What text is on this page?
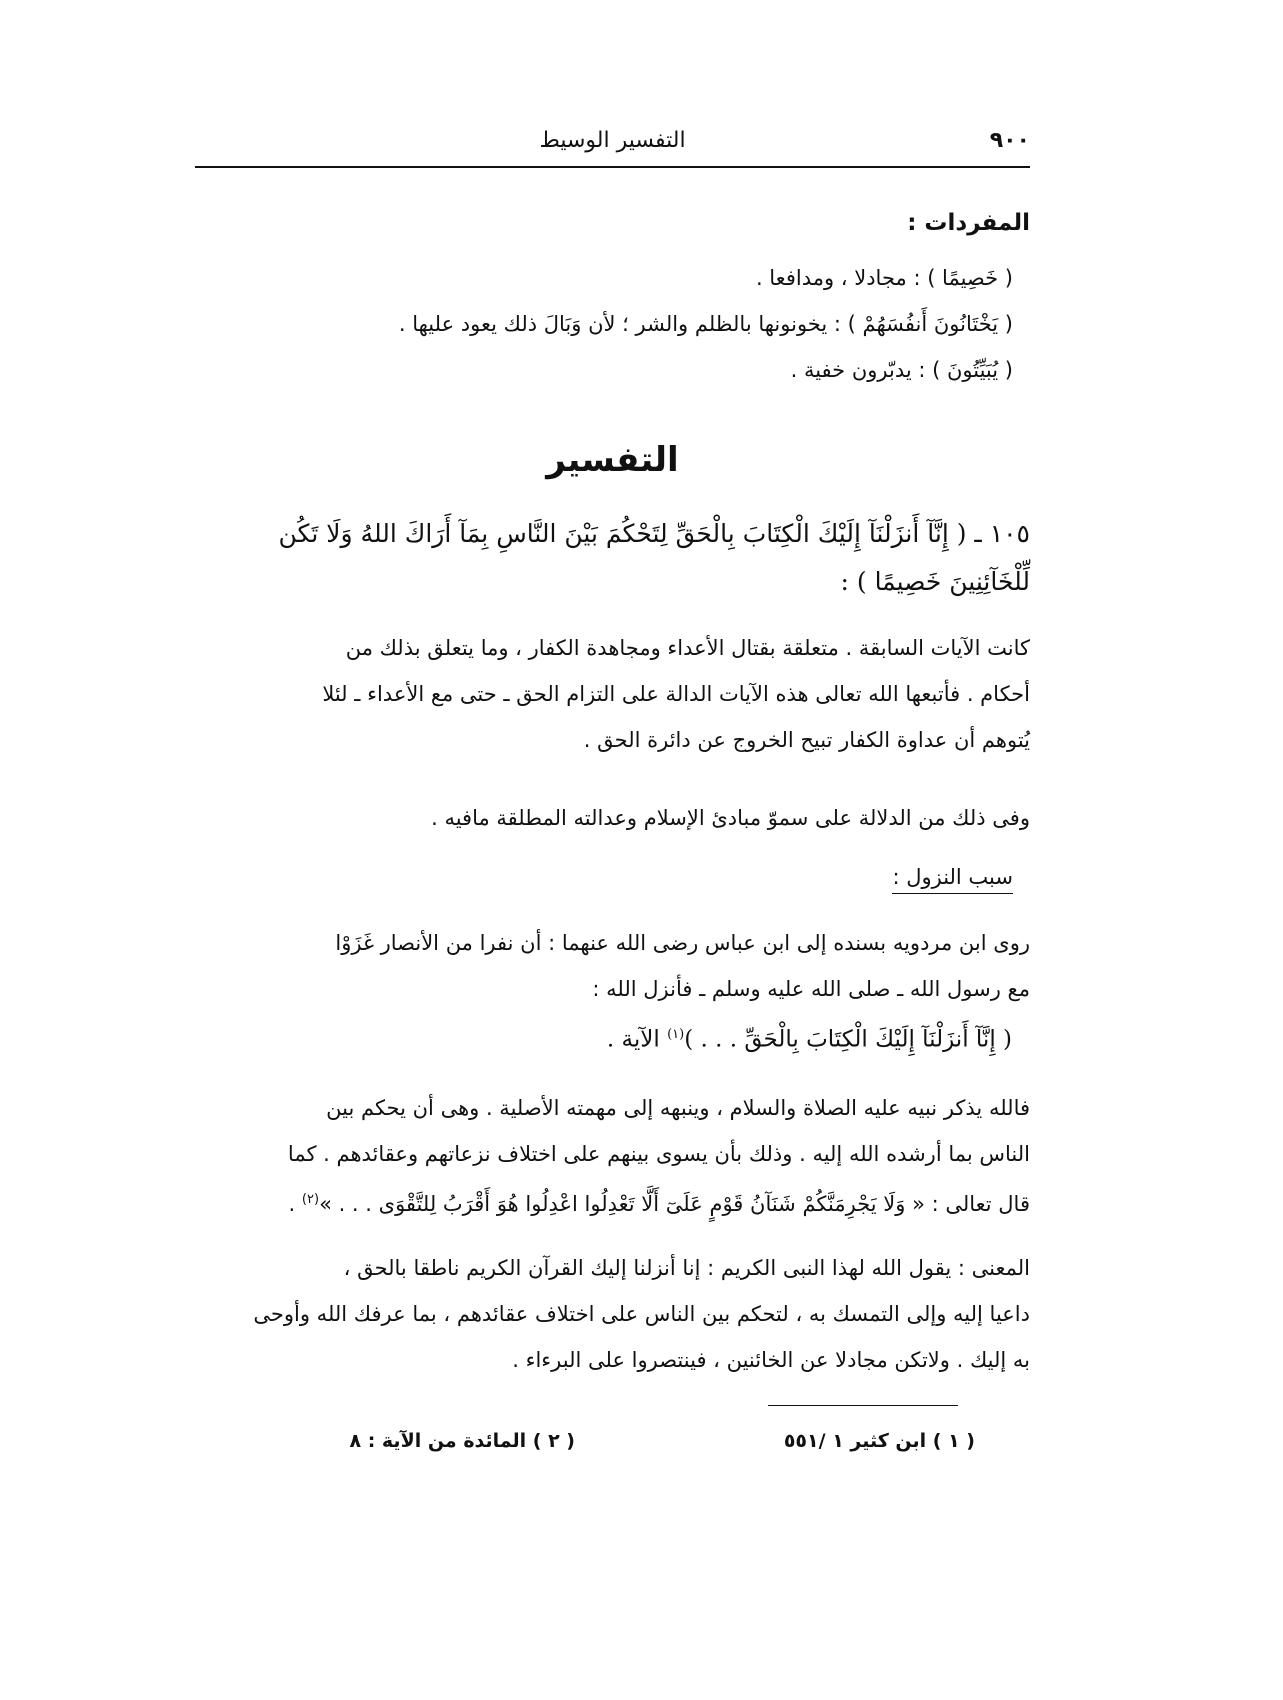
٩٠٠
التفسير الوسيط
المفردات :
( خَصِيمًا ) : مجادلا ، ومدافعا .
( يَخْتَانُونَ أَنفُسَهُمْ ) : يخونونها بالظلم والشر ؛ لأن وَبَالَ ذلك يعود عليها .
( يُبَيِّتُونَ ) : يدبّرون خفية .
التفسير
١٠٥ ـ ( إِنَّآ أَنزَلْنَآ إِلَيْكَ الْكِتَابَ بِالْحَقِّ لِتَحْكُمَ بَيْنَ النَّاسِ بِمَآ أَرَاكَ اللهُ وَلَا تَكُن
لِّلْخَآئِنِينَ خَصِيمًا ) :
كانت الآيات السابقة . متعلقة بقتال الأعداء ومجاهدة الكفار ، وما يتعلق بذلك من
أحكام . فأتبعها الله تعالى هذه الآيات الدالة على التزام الحق ـ حتى مع الأعداء ـ لئلا
يُتوهم أن عداوة الكفار تبيح الخروج عن دائرة الحق .
وفى ذلك من الدلالة على سموّ مبادئ الإسلام وعدالته المطلقة مافيه .
سبب النزول :
روى ابن مردويه بسنده إلى ابن عباس رضى الله عنهما : أن نفرا من الأنصار غَزَوْا
مع رسول الله ـ صلى الله عليه وسلم ـ فأنزل الله :
( إِنَّآ أَنزَلْنَآ إِلَيْكَ الْكِتَابَ بِالْحَقِّ . . . )$^{(١)}$ الآية .
فالله يذكر نبيه عليه الصلاة والسلام ، وينبهه إلى مهمته الأصلية . وهى أن يحكم بين
الناس بما أرشده الله إليه . وذلك بأن يسوى بينهم على اختلاف نزعاتهم وعقائدهم . كما
قال تعالى : « وَلَا يَجْرِمَنَّكُمْ شَنَآنُ قَوْمٍ عَلَىٓ أَلَّا تَعْدِلُوا اعْدِلُوا هُوَ أَقْرَبُ لِلتَّقْوَى . . . »$^{(٢)}$ .
المعنى : يقول الله لهذا النبى الكريم : إنا أنزلنا إليك القرآن الكريم ناطقا بالحق ،
داعيا إليه وإلى التمسك به ، لتحكم بين الناس على اختلاف عقائدهم ، بما عرفك الله وأوحى
به إليك . ولاتكن مجادلا عن الخائنين ، فينتصروا على البرءاء .
( ١ ) ابن كثير ١ /٥٥١
( ٢ ) المائدة من الآية : ٨
